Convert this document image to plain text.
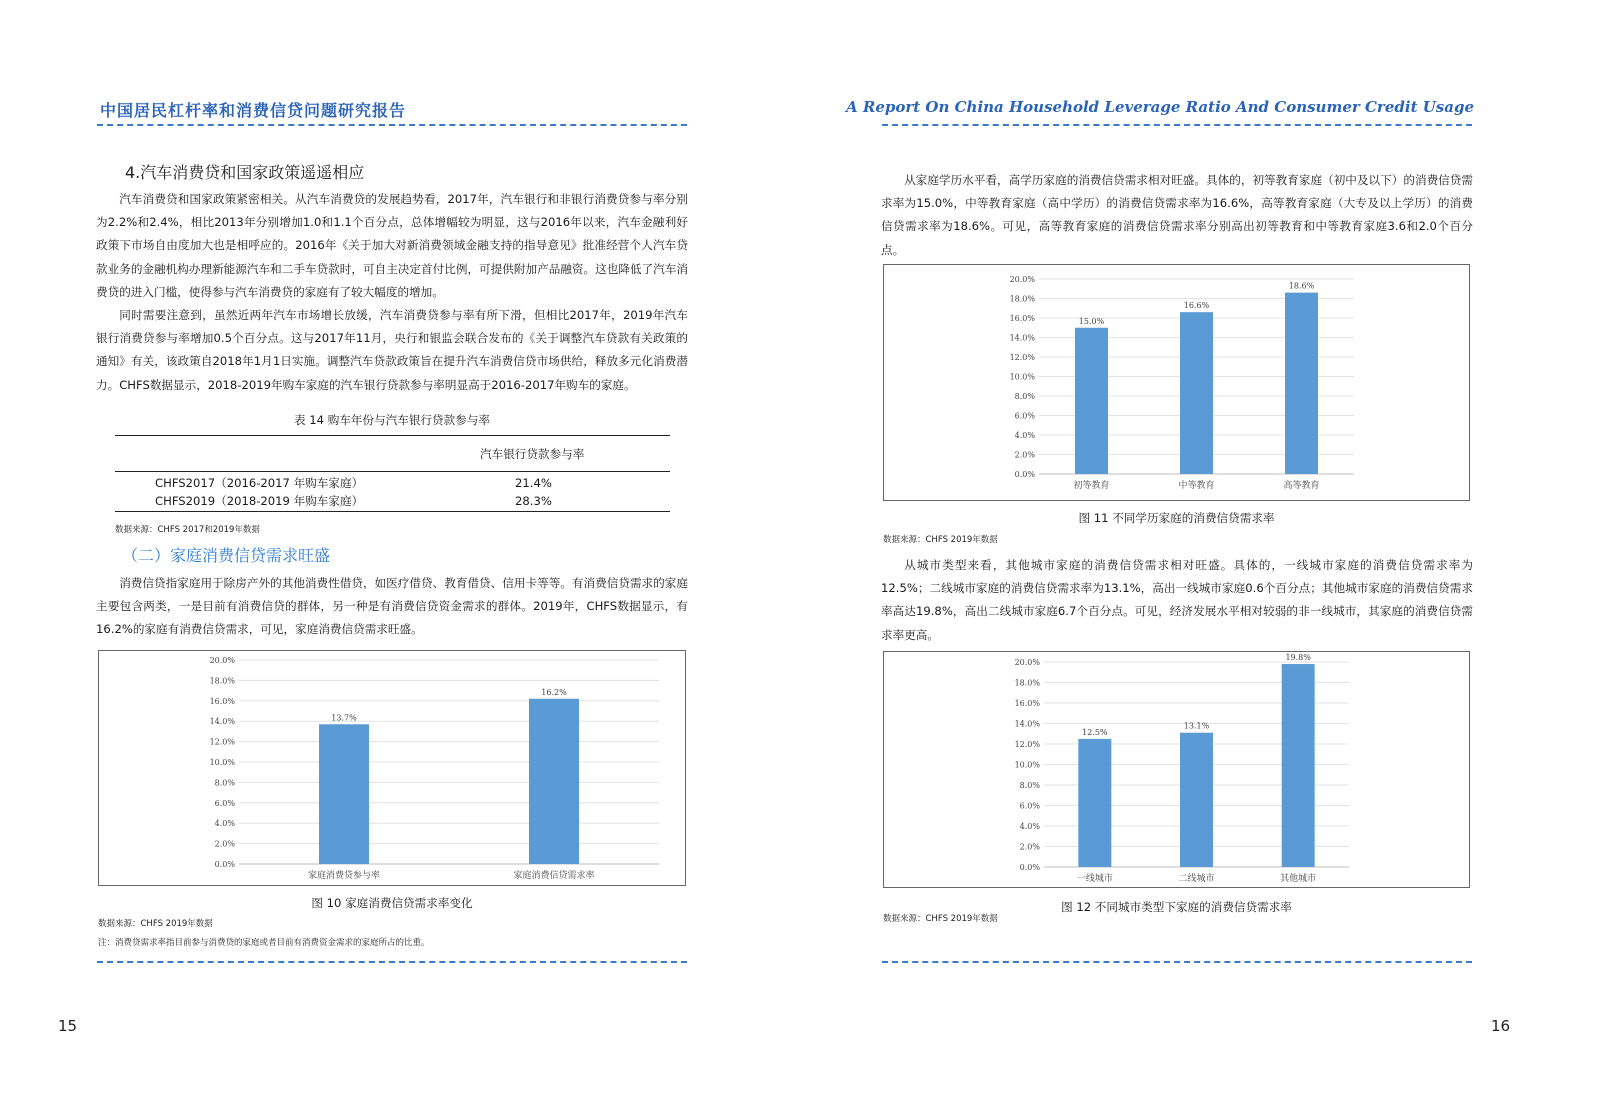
中国居民杠杆率和消费信贷问题研究报告
4.汽车消费贷和国家政策遥遥相应

汽车消费贷和国家政策紧密相关。从汽车消费贷的发展趋势看，2017年，汽车银行和非银行消费贷参与率分别为2.2%和2.4%，相比2013年分别增加1.0和1.1个百分点，总体增幅较为明显，这与2016年以来，汽车金融利好政策下市场自由度加大也是相呼应的。2016年《关于加大对新消费领域金融支持的指导意见》批准经营个人汽车贷款业务的金融机构办理新能源汽车和二手车贷款时，可自主决定首付比例，可提供附加产品融资。这也降低了汽车消费贷的进入门槛，使得参与汽车消费贷的家庭有了较大幅度的增加。

同时需要注意到，虽然近两年汽车市场增长放缓，汽车消费贷参与率有所下滑，但相比2017年，2019年汽车银行消费贷参与率增加0.5个百分点。这与2017年11月，央行和银监会联合发布的《关于调整汽车贷款有关政策的通知》有关，该政策自2018年1月1日实施。调整汽车贷款政策旨在提升汽车消费信贷市场供给，释放多元化消费潜力。CHFS数据显示，2018-2019年购车家庭的汽车银行贷款参与率明显高于2016-2017年购车的家庭。

表 14 购车年份与汽车银行贷款参与率
	汽车银行贷款参与率
CHFS2017（2016-2017 年购车家庭）	21.4%
CHFS2019（2018-2019 年购车家庭）	28.3%
数据来源：CHFS 2017和2019年数据
（二）家庭消费信贷需求旺盛

消费信贷指家庭用于除房产外的其他消费性借贷，如医疗借贷、教育借贷、信用卡等等。有消费信贷需求的家庭主要包含两类，一是目前有消费信贷的群体，另一种是有消费信贷资金需求的群体。2019年，CHFS数据显示，有16.2%的家庭有消费信贷需求，可见，家庭消费信贷需求旺盛。

0.0%
2.0%
4.0%
6.0%
8.0%
10.0%
12.0%
14.0%
16.0%
18.0%
20.0%
13.7%
家庭消费贷参与率
16.2%
家庭消费信贷需求率
图 10 家庭消费信贷需求率变化
数据来源：CHFS 2019年数据
注：消费贷需求率指目前参与消费贷的家庭或者目前有消费资金需求的家庭所占的比重。
15
A Report On China Household Leverage Ratio And Consumer Credit Usage

从家庭学历水平看，高学历家庭的消费信贷需求相对旺盛。具体的，初等教育家庭（初中及以下）的消费信贷需求率为15.0%，中等教育家庭（高中学历）的消费信贷需求率为16.6%，高等教育家庭（大专及以上学历）的消费信贷需求率为18.6%。可见，高等教育家庭的消费信贷需求率分别高出初等教育和中等教育家庭3.6和2.0个百分点。

0.0%
2.0%
4.0%
6.0%
8.0%
10.0%
12.0%
14.0%
16.0%
18.0%
20.0%
15.0%
初等教育
16.6%
中等教育
18.6%
高等教育
图 11 不同学历家庭的消费信贷需求率
数据来源：CHFS 2019年数据

从城市类型来看，其他城市家庭的消费信贷需求相对旺盛。具体的，一线城市家庭的消费信贷需求率为12.5%；二线城市家庭的消费信贷需求率为13.1%，高出一线城市家庭0.6个百分点；其他城市家庭的消费信贷需求率高达19.8%，高出二线城市家庭6.7个百分点。可见，经济发展水平相对较弱的非一线城市，其家庭的消费信贷需求率更高。

0.0%
2.0%
4.0%
6.0%
8.0%
10.0%
12.0%
14.0%
16.0%
18.0%
20.0%
12.5%
一线城市
13.1%
二线城市
19.8%
其他城市
图 12 不同城市类型下家庭的消费信贷需求率
数据来源：CHFS 2019年数据
16
